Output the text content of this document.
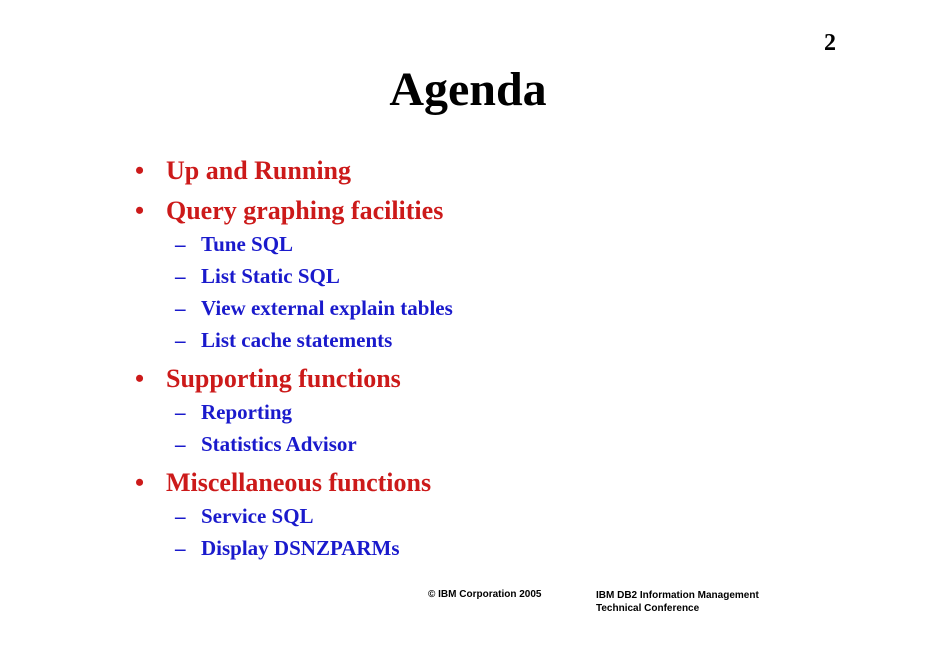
2
Agenda
• Up and Running
• Query graphing facilities
– Tune SQL
– List Static SQL
– View external explain tables
– List cache statements
• Supporting functions
– Reporting
– Statistics Advisor
• Miscellaneous functions
– Service SQL
– Display DSNZPARMs
© IBM Corporation 2005	IBM DB2 Information Management
Technical Conference
